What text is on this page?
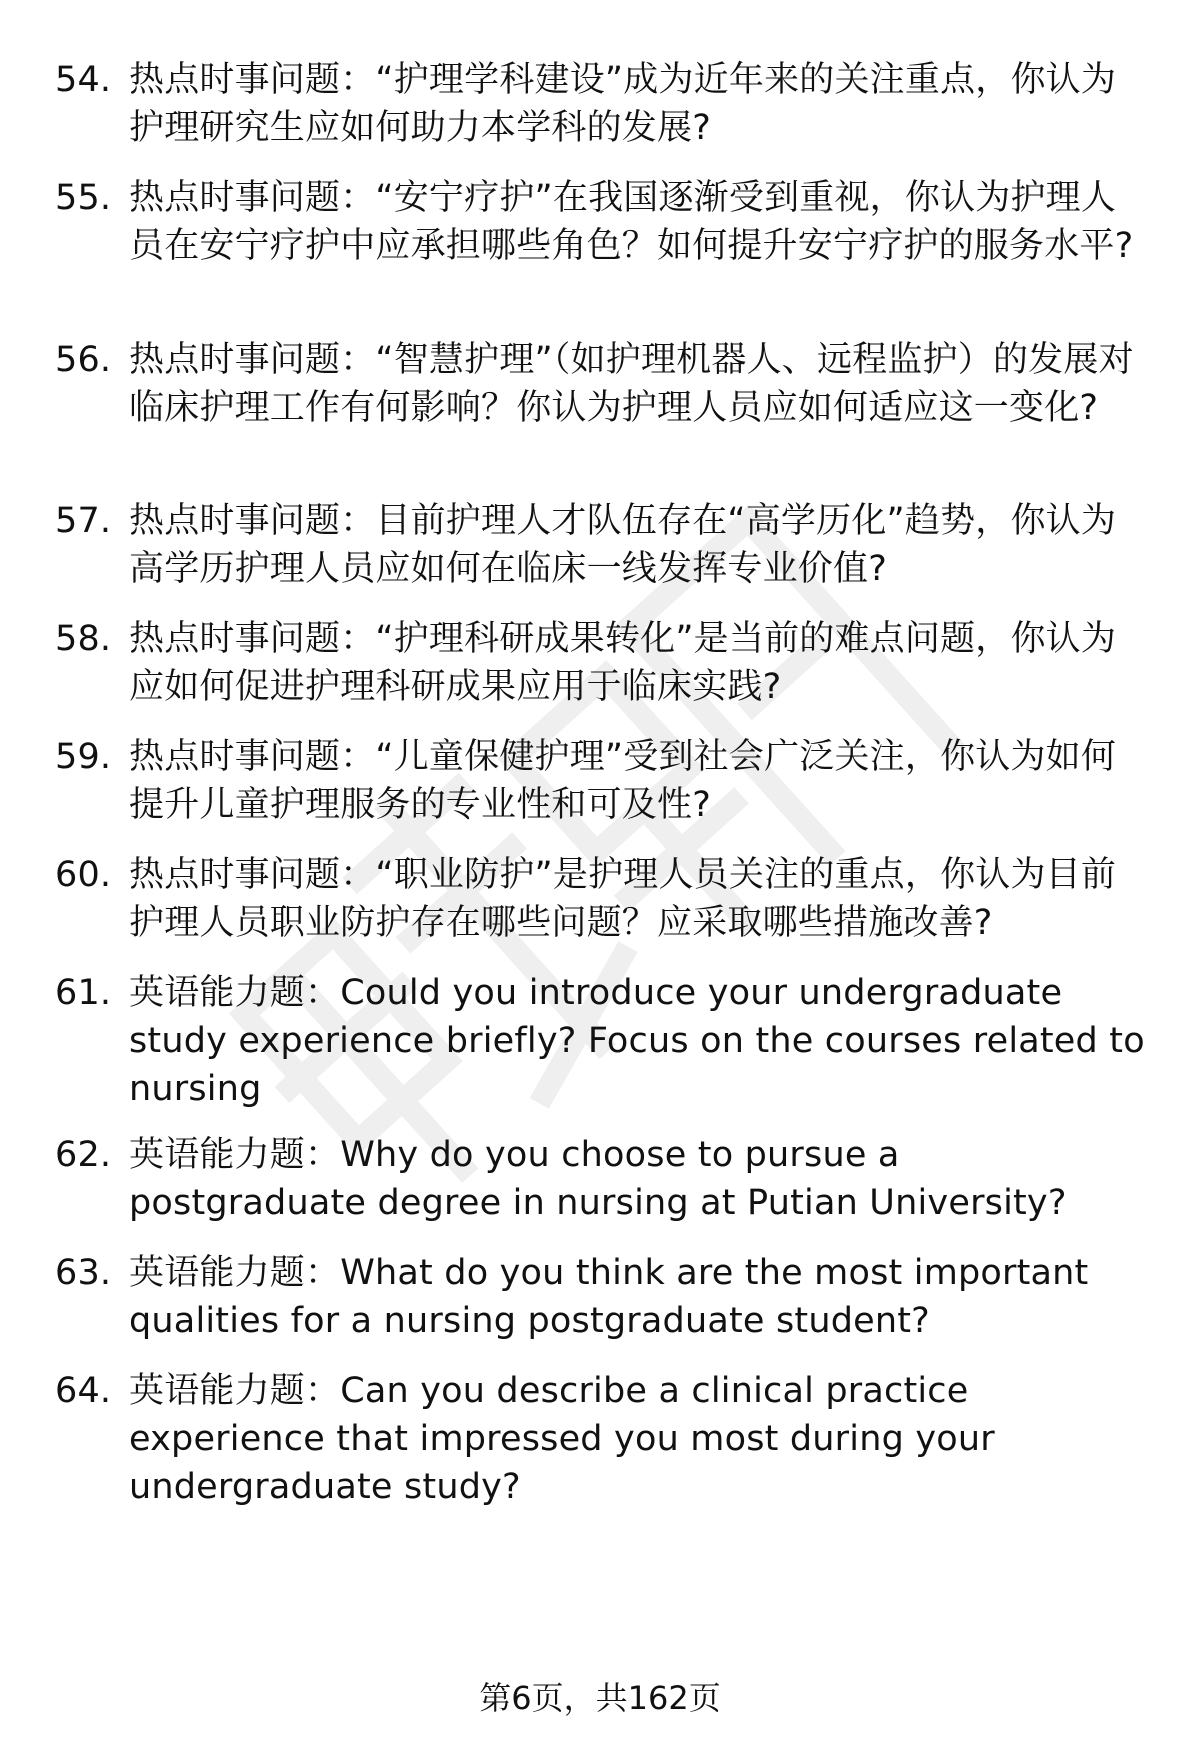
54. 热点时事问题：“护理学科建设”成为近年来的关注重点，你认为护理研究生应如何助力本学科的发展?
55. 热点时事问题：“安宁疗护”在我国逐渐受到重视，你认为护理人员在安宁疗护中应承担哪些角色？如何提升安宁疗护的服务水平?
56. 热点时事问题：“智慧护理”（如护理机器人、远程监护）的发展对临床护理工作有何影响？你认为护理人员应如何适应这一变化?
57. 热点时事问题：目前护理人才队伍存在“高学历化”趋势，你认为高学历护理人员应如何在临床一线发挥专业价值?
58. 热点时事问题：“护理科研成果转化”是当前的难点问题，你认为应如何促进护理科研成果应用于临床实践?
59. 热点时事问题：“儿童保健护理”受到社会广泛关注，你认为如何提升儿童护理服务的专业性和可及性?
60. 热点时事问题：“职业防护”是护理人员关注的重点，你认为目前护理人员职业防护存在哪些问题？应采取哪些措施改善?
61. 英语能力题：Could you introduce your undergraduate study experience briefly? Focus on the courses related to nursing
62. 英语能力题：Why do you choose to pursue a postgraduate degree in nursing at Putian University?
63. 英语能力题：What do you think are the most important qualities for a nursing postgraduate student?
64. 英语能力题：Can you describe a clinical practice experience that impressed you most during your undergraduate study?
第6页，共162页
